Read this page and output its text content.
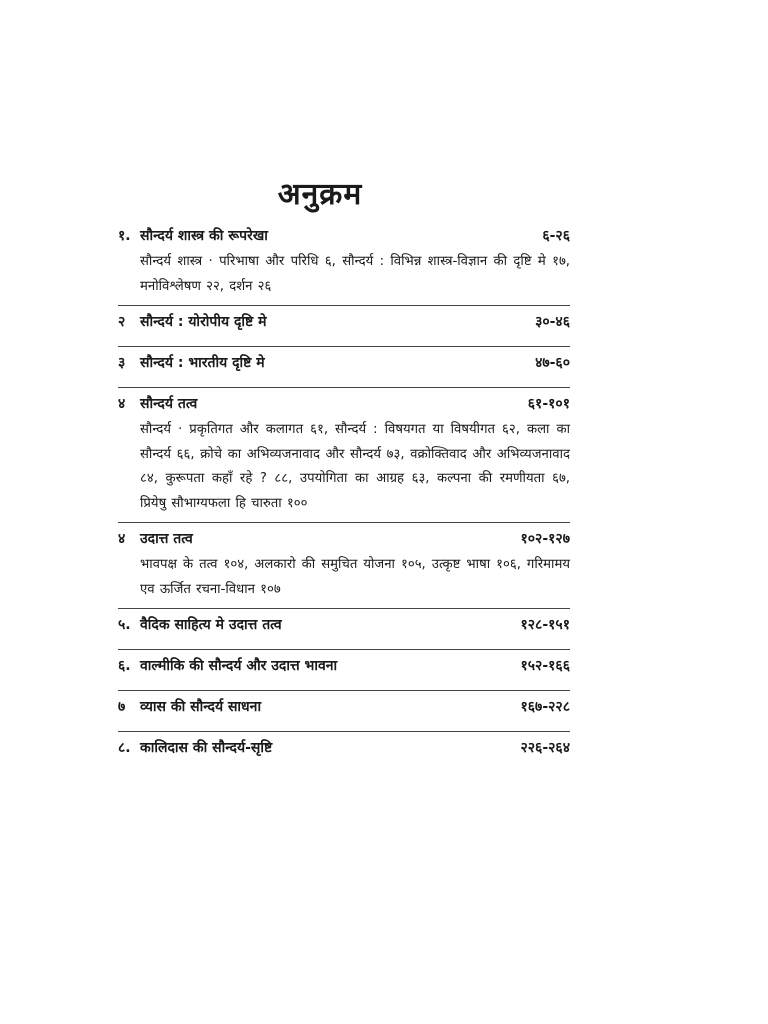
अनुक्रम
१. सौन्दर्य शास्त्र की रूपरेखा	६-२६
सौन्दर्य शास्त्र · परिभाषा और परिधि ६, सौन्दर्य : विभिन्न शास्त्र-विज्ञान की दृष्टि मे १७, मनोविश्लेषण २२, दर्शन २६
२	सौन्दर्य : योरोपीय दृष्टि मे	३०-४६
३	सौन्दर्य : भारतीय दृष्टि मे	४७-६०
४	सौन्दर्य तत्व	६१-१०१
सौन्दर्य · प्रकृतिगत और कलागत ६१, सौन्दर्य : विषयगत या विषयीगत ६२, कला का सौन्दर्य ६६, क्रोचे का अभिव्यजनावाद और सौन्दर्य ७३, वक्रोक्तिवाद और अभिव्यजनावाद ८४, कुरूपता कहाँ रहे ? ८८, उपयोगिता का आग्रह ६३, कल्पना की रमणीयता ६७, प्रियेषु सौभाग्यफला हि चारुता १००
४	उदात्त तत्व	१०२-१२७
भावपक्ष के तत्व १०४, अलकारो की समुचित योजना १०५, उत्कृष्ट भाषा १०६, गरिमामय एव ऊर्जित रचना-विधान १०७
५. वैदिक साहित्य मे उदात्त तत्व	१२८-१५१
६. वाल्मीकि की सौन्दर्य और उदात्त भावना	१५२-१६६
७	व्यास की सौन्दर्य साधना	१६७-२२८
८. कालिदास की सौन्दर्य-सृष्टि	२२६-२६४
